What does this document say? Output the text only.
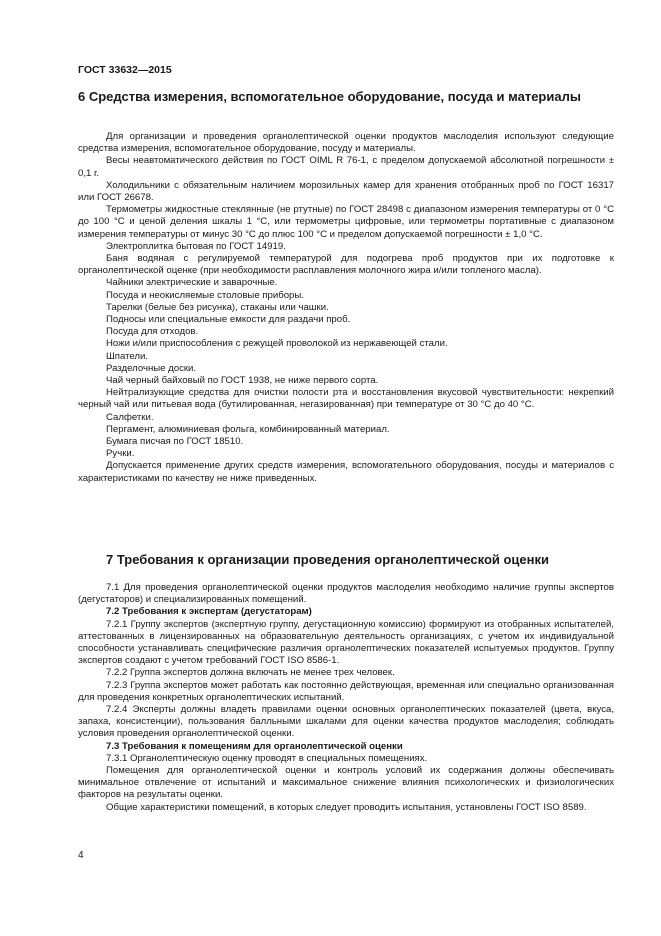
ГОСТ 33632—2015
6 Средства измерения, вспомогательное оборудование, посуда и материалы

Для организации и проведения органолептической оценки продуктов маслоделия используют следующие средства измерения, вспомогательное оборудование, посуду и материалы.

Весы неавтоматического действия по ГОСТ OIML R 76-1, с пределом допускаемой абсолютной погрешности ± 0,1 г.

Холодильники с обязательным наличием морозильных камер для хранения отобранных проб по ГОСТ 16317 или ГОСТ 26678.

Термометры жидкостные стеклянные (не ртутные) по ГОСТ 28498 с диапазоном измерения температуры от 0 °C до 100 °C и ценой деления шкалы 1 °C, или термометры цифровые, или термометры портативные с диапазоном измерения температуры от минус 30 °C до плюс 100 °C и пределом допускаемой погрешности ± 1,0 °C.

Электроплитка бытовая по ГОСТ 14919.

Баня водяная с регулируемой температурой для подогрева проб продуктов при их подготовке к органолептической оценке (при необходимости расплавления молочного жира и/или топленого масла).

Чайники электрические и заварочные.

Посуда и неокисляемые столовые приборы.

Тарелки (белые без рисунка), стаканы или чашки.

Подносы или специальные емкости для раздачи проб.

Посуда для отходов.

Ножи и/или приспособления с режущей проволокой из нержавеющей стали.

Шпатели.

Разделочные доски.

Чай черный байховый по ГОСТ 1938, не ниже первого сорта.

Нейтрализующие средства для очистки полости рта и восстановления вкусовой чувствительности: некрепкий черный чай или питьевая вода (бутилированная, негазированная) при температуре от 30 °C до 40 °C.

Салфетки.

Пергамент, алюминиевая фольга, комбинированный материал.

Бумага писчая по ГОСТ 18510.

Ручки.

Допускается применение других средств измерения, вспомогательного оборудования, посуды и материалов с характеристиками по качеству не ниже приведенных.

7 Требования к организации проведения органолептической оценки

7.1 Для проведения органолептической оценки продуктов маслоделия необходимо наличие группы экспертов (дегустаторов) и специализированных помещений.

7.2 Требования к экспертам (дегустаторам)

7.2.1 Группу экспертов (экспертную группу, дегустационную комиссию) формируют из отобранных испытателей, аттестованных в лицензированных на образовательную деятельность организациях, с учетом их индивидуальной способности устанавливать специфические различия органолептических показателей испытуемых продуктов. Группу экспертов создают с учетом требований ГОСТ ISO 8586-1.

7.2.2 Группа экспертов должна включать не менее трех человек.

7.2.3 Группа экспертов может работать как постоянно действующая, временная или специально организованная для проведения конкретных органолептических испытаний.

7.2.4 Эксперты должны владеть правилами оценки основных органолептических показателей (цвета, вкуса, запаха, консистенции), пользования балльными шкалами для оценки качества продуктов маслоделия; соблюдать условия проведения органолептической оценки.

7.3 Требования к помещениям для органолептической оценки

7.3.1 Органолептическую оценку проводят в специальных помещениях.

Помещения для органолептической оценки и контроль условий их содержания должны обеспечивать минимальное отвлечение от испытаний и максимальное снижение влияния психологических и физиологических факторов на результаты оценки.

Общие характеристики помещений, в которых следует проводить испытания, установлены ГОСТ ISO 8589.

4
